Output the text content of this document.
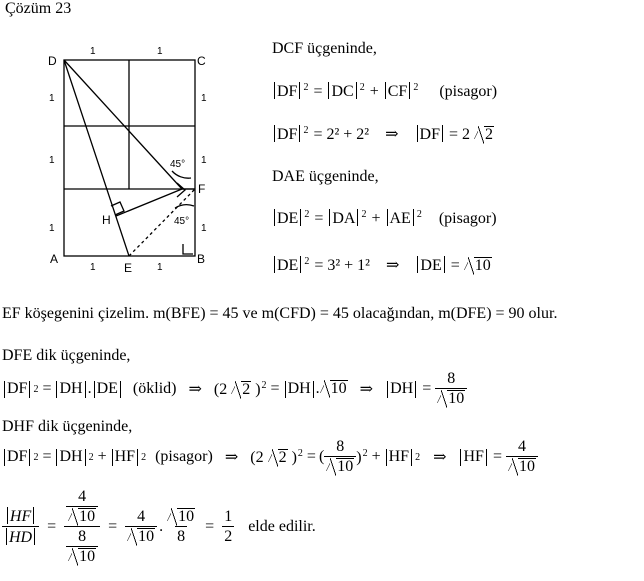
Çözüm 23
D	C
A	B
E
F
H
1	1
1	1
1
1
1
1
1
1
45°
45°
DCF üçgeninde,
DF $^2$ = DC $^2$ + CF $^2$ (pisagor)
DF $^2$ = 2² + 2² ⇒ DF = 2 2
DAE üçgeninde,
DE $^2$ = DA $^2$ + AE $^2$ (pisagor)
DE $^2$ = 3² + 1² ⇒ DE = 10
EF köşegenini çizelim. m(BFE) = 45 ve m(CFD) = 45 olacağından, m(DFE) = 90 olur.
DFE dik üçgeninde,
DF 2 = DH . DE (öklid) ⇒ (2 2 )$^2$ = DH . 10 ⇒ DH = $\frac{8}{10}$
DHF dik üçgeninde,
DF 2 = DH 2 + HF 2 (pisagor) ⇒ (2 2 )$^2$ = ( $\frac{8}{10} )^2$ + HF 2 ⇒ HF = $\frac{4}{10}$
$\frac{HF}{HD} = \frac{\frac{4}{10}}{\frac{8}{10}} = \frac{4}{10}$ . $\frac{10}{8} = \frac{1}{2}$ elde edilir.
